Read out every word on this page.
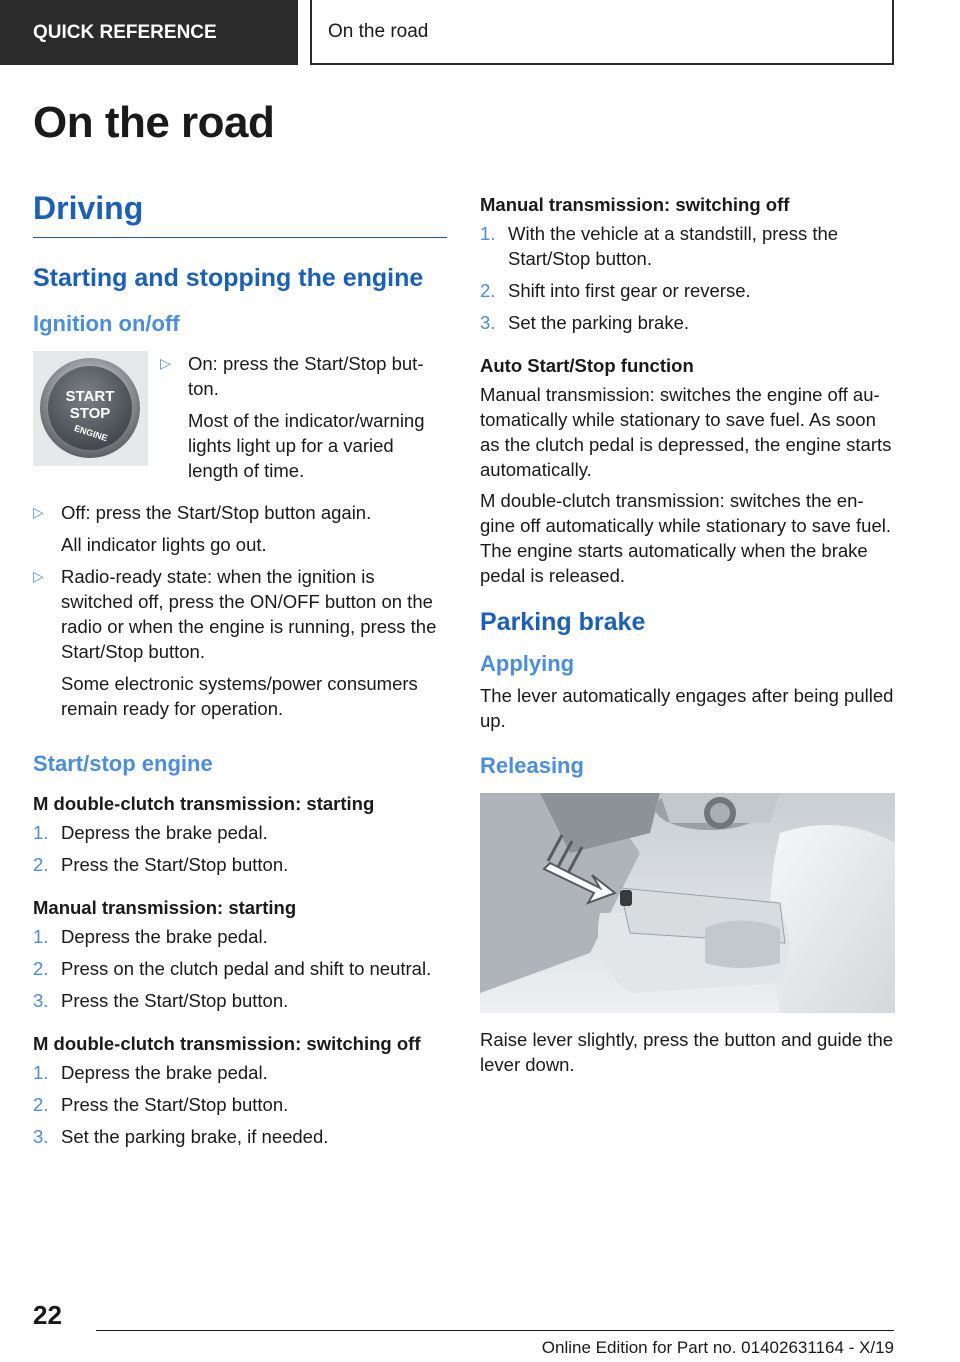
QUICK REFERENCE	On the road
On the road
Driving
Starting and stopping the engine
Ignition on/off
START
STOP
ENGINE
▷ On: press the Start/Stop but-ton.

Most of the indicator/warning lights light up for a varied length of time.

▷ Off: press the Start/Stop button again.

All indicator lights go out.

▷ Radio-ready state: when the ignition is switched off, press the ON/OFF button on the radio or when the engine is running, press the Start/Stop button.

Some electronic systems/power consumers remain ready for operation.

Start/stop engine
M double-clutch transmission: starting
1. Depress the brake pedal.
2. Press the Start/Stop button.
Manual transmission: starting
1. Depress the brake pedal.
2. Press on the clutch pedal and shift to neutral.
3. Press the Start/Stop button.
M double-clutch transmission: switching off
1. Depress the brake pedal.
2. Press the Start/Stop button.
3. Set the parking brake, if needed.
Manual transmission: switching off
1. With the vehicle at a standstill, press the Start/Stop button.
2. Shift into first gear or reverse.
3. Set the parking brake.
Auto Start/Stop function

Manual transmission: switches the engine off au-tomatically while stationary to save fuel. As soon as the clutch pedal is depressed, the engine starts automatically.

M double-clutch transmission: switches the en-gine off automatically while stationary to save fuel. The engine starts automatically when the brake pedal is released.

Parking brake
Applying

The lever automatically engages after being pulled up.

Releasing

Raise lever slightly, press the button and guide the lever down.

22
Online Edition for Part no. 01402631164 - X/19
